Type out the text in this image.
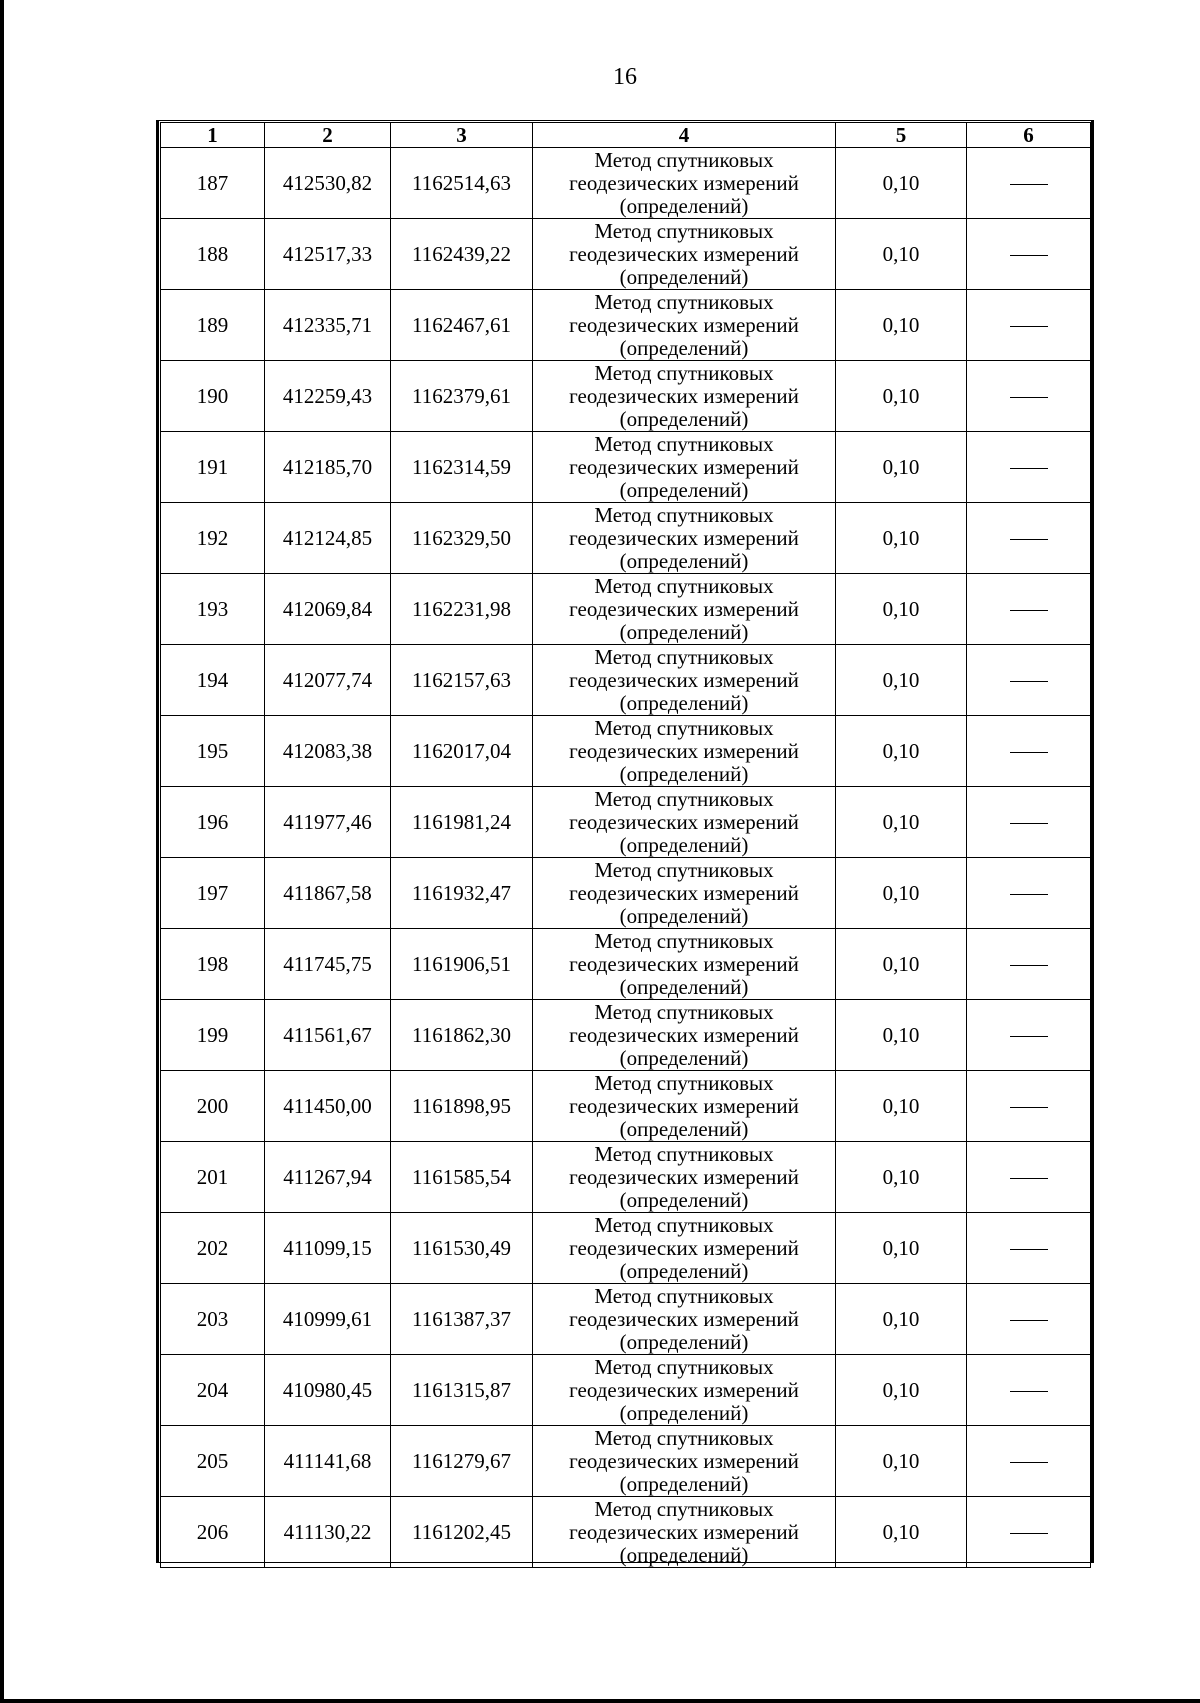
16
1	2	3	4	5	6
187	412530,82	1162514,63	Метод спутниковых геодезических измерений (определений)	0,10	
188	412517,33	1162439,22	Метод спутниковых геодезических измерений (определений)	0,10	
189	412335,71	1162467,61	Метод спутниковых геодезических измерений (определений)	0,10	
190	412259,43	1162379,61	Метод спутниковых геодезических измерений (определений)	0,10	
191	412185,70	1162314,59	Метод спутниковых геодезических измерений (определений)	0,10	
192	412124,85	1162329,50	Метод спутниковых геодезических измерений (определений)	0,10	
193	412069,84	1162231,98	Метод спутниковых геодезических измерений (определений)	0,10	
194	412077,74	1162157,63	Метод спутниковых геодезических измерений (определений)	0,10	
195	412083,38	1162017,04	Метод спутниковых геодезических измерений (определений)	0,10	
196	411977,46	1161981,24	Метод спутниковых геодезических измерений (определений)	0,10	
197	411867,58	1161932,47	Метод спутниковых геодезических измерений (определений)	0,10	
198	411745,75	1161906,51	Метод спутниковых геодезических измерений (определений)	0,10	
199	411561,67	1161862,30	Метод спутниковых геодезических измерений (определений)	0,10	
200	411450,00	1161898,95	Метод спутниковых геодезических измерений (определений)	0,10	
201	411267,94	1161585,54	Метод спутниковых геодезических измерений (определений)	0,10	
202	411099,15	1161530,49	Метод спутниковых геодезических измерений (определений)	0,10	
203	410999,61	1161387,37	Метод спутниковых геодезических измерений (определений)	0,10	
204	410980,45	1161315,87	Метод спутниковых геодезических измерений (определений)	0,10	
205	411141,68	1161279,67	Метод спутниковых геодезических измерений (определений)	0,10	
206	411130,22	1161202,45	Метод спутниковых геодезических измерений (определений)	0,10	
